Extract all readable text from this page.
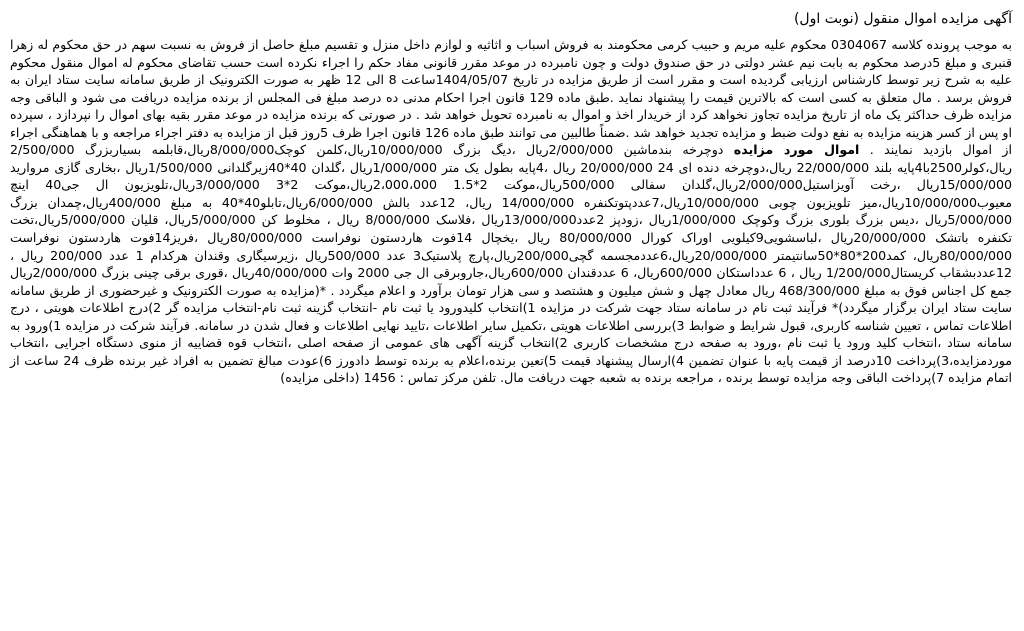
آگهی مزایده اموال منقول (نوبت اول)

به موجب پرونده کلاسه 0304067 محکوم علیه مریم و حبیب کرمی محکومند به فروش اسباب و اثاثیه و لوازم داخل منزل و تقسیم مبلغ حاصل از فروش به نسبت سهم در حق محکوم له زهرا قنبری و مبلغ 5درصد محکوم به بابت نیم عشر دولتی در حق صندوق دولت و چون نامبرده در موعد مقرر قانونی مفاد حکم را اجراء نکرده است حسب تقاضای محکوم له اموال منقول محکوم علیه به شرح زیر توسط کارشناس ارزیابی گردیده است و مقرر است از طریق مزایده در تاریخ 1404/05/07ساعت 8 الی 12 ظهر به صورت الکترونیک از طریق سامانه سایت ستاد ایران به فروش برسد . مال متعلق به کسی است که بالاترین قیمت را پیشنهاد نماید .طبق ماده 129 قانون اجرا احکام مدنی ده درصد مبلغ فی المجلس از برنده مزایده دریافت می شود و الباقی وجه مزایده ظرف حداکثر یک ماه از تاریخ مزایده تجاوز نخواهد کرد از خریدار اخذ و اموال به نامبرده تحویل خواهد شد . در صورتی که برنده مزایده در موعد مقرر بقیه بهای اموال را نپردازد ، سپرده او پس از کسر هزینه مزایده به نفع دولت ضبط و مزایده تجدید خواهد شد .ضمناً طالبین می توانند طبق ماده 126 قانون اجرا ظرف 5روز قبل از مزایده به دفتر اجراء مراجعه و با هماهنگی اجراء از اموال بازدید نمایند . اموال مورد مزایده دوچرخه بندماشین 2/000/000ریال ،دیگ بزرگ 10/000/000ریال،کلمن کوچک8/000/000ریال،قابلمه بسیاربزرگ 2/500/000 ریال،کولر2500با4پایه بلند 22/000/000 ریال،دوچرخه دنده ای 24 20/000/000 ریال ،4پایه بطول یک متر 1/000/000ریال ،گلدان 40*40زیرگلدانی 1/500/000ریال ،بخاری گازی مروارید 15/000/000ریال ،رخت آویزاستیل2/000/000ریال،گلدان سفالی 500/000ریال،موکت 2*1.5 2،000،000ریال،موکت 2*3 3/000/000ریال،تلویزیون ال جی40 اینچ معیوب10/000/000ریال،میز تلویزیون چوبی 10/000/000ریال،7عددپتوتکنفره 14/000/000 ریال، 12عدد بالش 6/000/000ریال،تابلو40*40 به مبلغ 400/000ریال،چمدان بزرگ 5/000/000ریال ،دیس بزرگ بلوری بزرگ وکوچک 1/000/000ریال ،زودپز 2عدد13/000/000ریال ،فلاسک 8/000/000 ریال ، مخلوط کن 5/000/000ریال، قلیان 5/000/000ریال،تخت تکنفره باتشک 20/000/000ریال ،لباسشویی9کیلویی اوراک کورال 80/000/000 ریال ،یخچال 14فوت هاردستون نوفراست 80/000/000ریال ،فریز14فوت هاردستون نوفراست 80/000/000ریال، کمد200*80*50سانتیمتر 20/000/000ریال،6عددمجسمه گچی200/000ریال،پارچ پلاستیک3 عدد 500/000ریال ،زیرسیگاری وقندان هرکدام 1 عدد 200/000 ریال ، 12عددبشقاب کریستال1/200/000 ریال ، 6 عدداستکان 600/000ریال، 6 عددقندان 600/000ریال،جاروبرقی ال جی 2000 وات 40/000/000ریال ،قوری برقی چینی بزرگ 2/000/000ریال جمع کل اجناس فوق به مبلغ 468/300/000 ریال معادل چهل و شش میلیون و هشتصد و سی هزار تومان برآورد و اعلام میگردد . *(مزایده به صورت الکترونیک و غیرحضوری از طریق سامانه سایت ستاد ایران برگزار میگردد)* فرآیند ثبت نام در سامانه ستاد جهت شرکت در مزایده 1)انتخاب کلیدورود یا ثبت نام -انتخاب گزینه ثبت نام-انتخاب مزایده گر 2)درج اطلاعات هویتی ، درج اطلاعات تماس ، تعیین شناسه کاربری، قبول شرایط و ضوابط 3)بررسی اطلاعات هویتی ،تکمیل سایر اطلاعات ،تایید نهایی اطلاعات و فعال شدن در سامانه. فرآیند شرکت در مزایده 1)ورود به سامانه ستاد ،انتخاب کلید ورود یا ثبت نام ،ورود به صفحه درج مشخصات کاربری 2)انتخاب گزینه آگهی های عمومی از صفحه اصلی ،انتخاب قوه قضاییه از منوی دستگاه اجرایی ،انتخاب موردمزایده،3)پرداخت 10درصد از قیمت پایه با عنوان تضمین 4)ارسال پیشنهاد قیمت 5)تعین برنده،اعلام به برنده توسط دادورز 6)عودت مبالغ تضمین به افراد غیر برنده ظرف 24 ساعت از اتمام مزایده 7)پرداخت الباقی وجه مزایده توسط برنده ، مراجعه برنده به شعبه جهت دریافت مال. تلفن مرکز تماس : 1456 (داخلی مزایده)
